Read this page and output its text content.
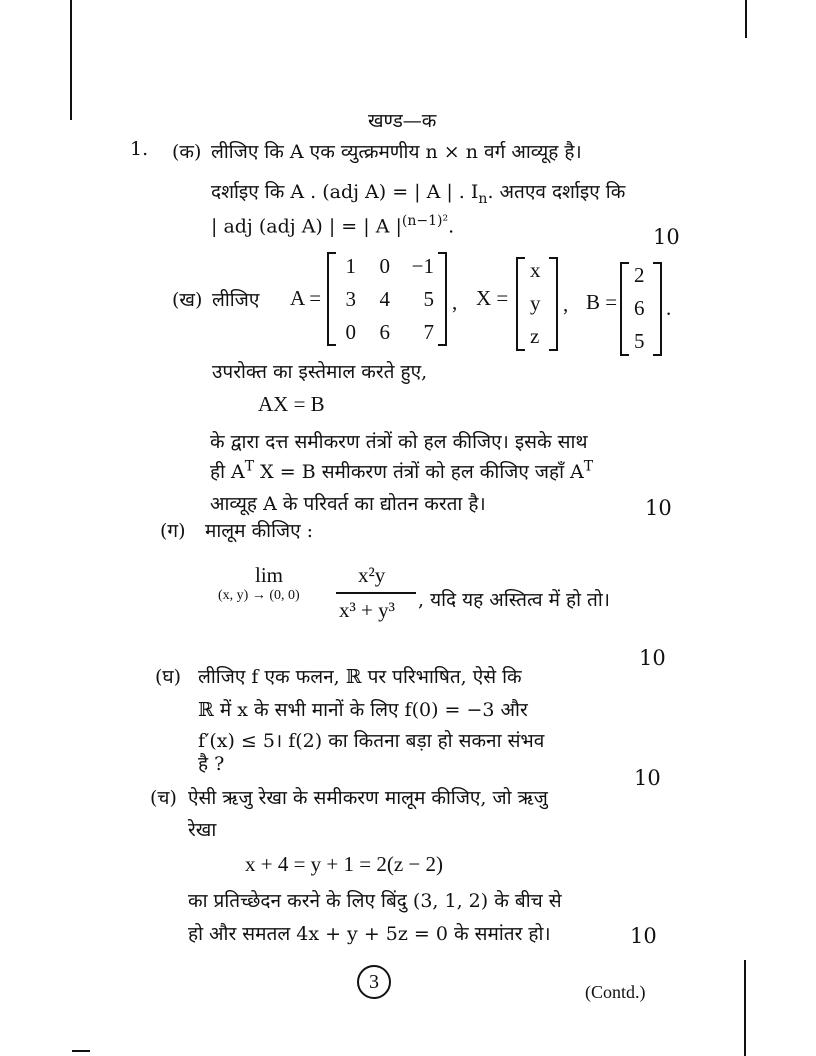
खण्ड—क
1. (क) लीजिए कि A एक व्युत्क्रमणीय n × n वर्ग आव्यूह है।
दर्शाइए कि A . (adj A) = | A | . $I_n$. अतएव दर्शाइए कि
| adj (adj A) | = | A $|^{(n-1)^2}$.	10
(ख) लीजिए A =
1	0	−1
3	4	5
0	6	7
, X =
x
y
z
, B =
2
6
5
.
उपरोक्त का इस्तेमाल करते हुए,
AX = B
के द्वारा दत्त समीकरण तंत्रों को हल कीजिए। इसके साथ
ही $A^T$ X = B समीकरण तंत्रों को हल कीजिए जहाँ $A^T$
आव्यूह A के परिवर्त का द्योतन करता है।	10
(ग) मालूम कीजिए :
lim
(x, y) → (0, 0)
x²y
x³ + y³ , यदि यह अस्तित्व में हो तो।
10
(घ) लीजिए f एक फलन, ℝ पर परिभाषित, ऐसे कि
ℝ में x के सभी मानों के लिए f(0) = −3 और
f′(x) ≤ 5। f(2) का कितना बड़ा हो सकना संभव
है ?
10
(च) ऐसी ऋजु रेखा के समीकरण मालूम कीजिए, जो ऋजु
रेखा
x + 4 = y + 1 = 2(z − 2)
का प्रतिच्छेदन करने के लिए बिंदु (3, 1, 2) के बीच से
हो और समतल 4x + y + 5z = 0 के समांतर हो।	10
3	(Contd.)
